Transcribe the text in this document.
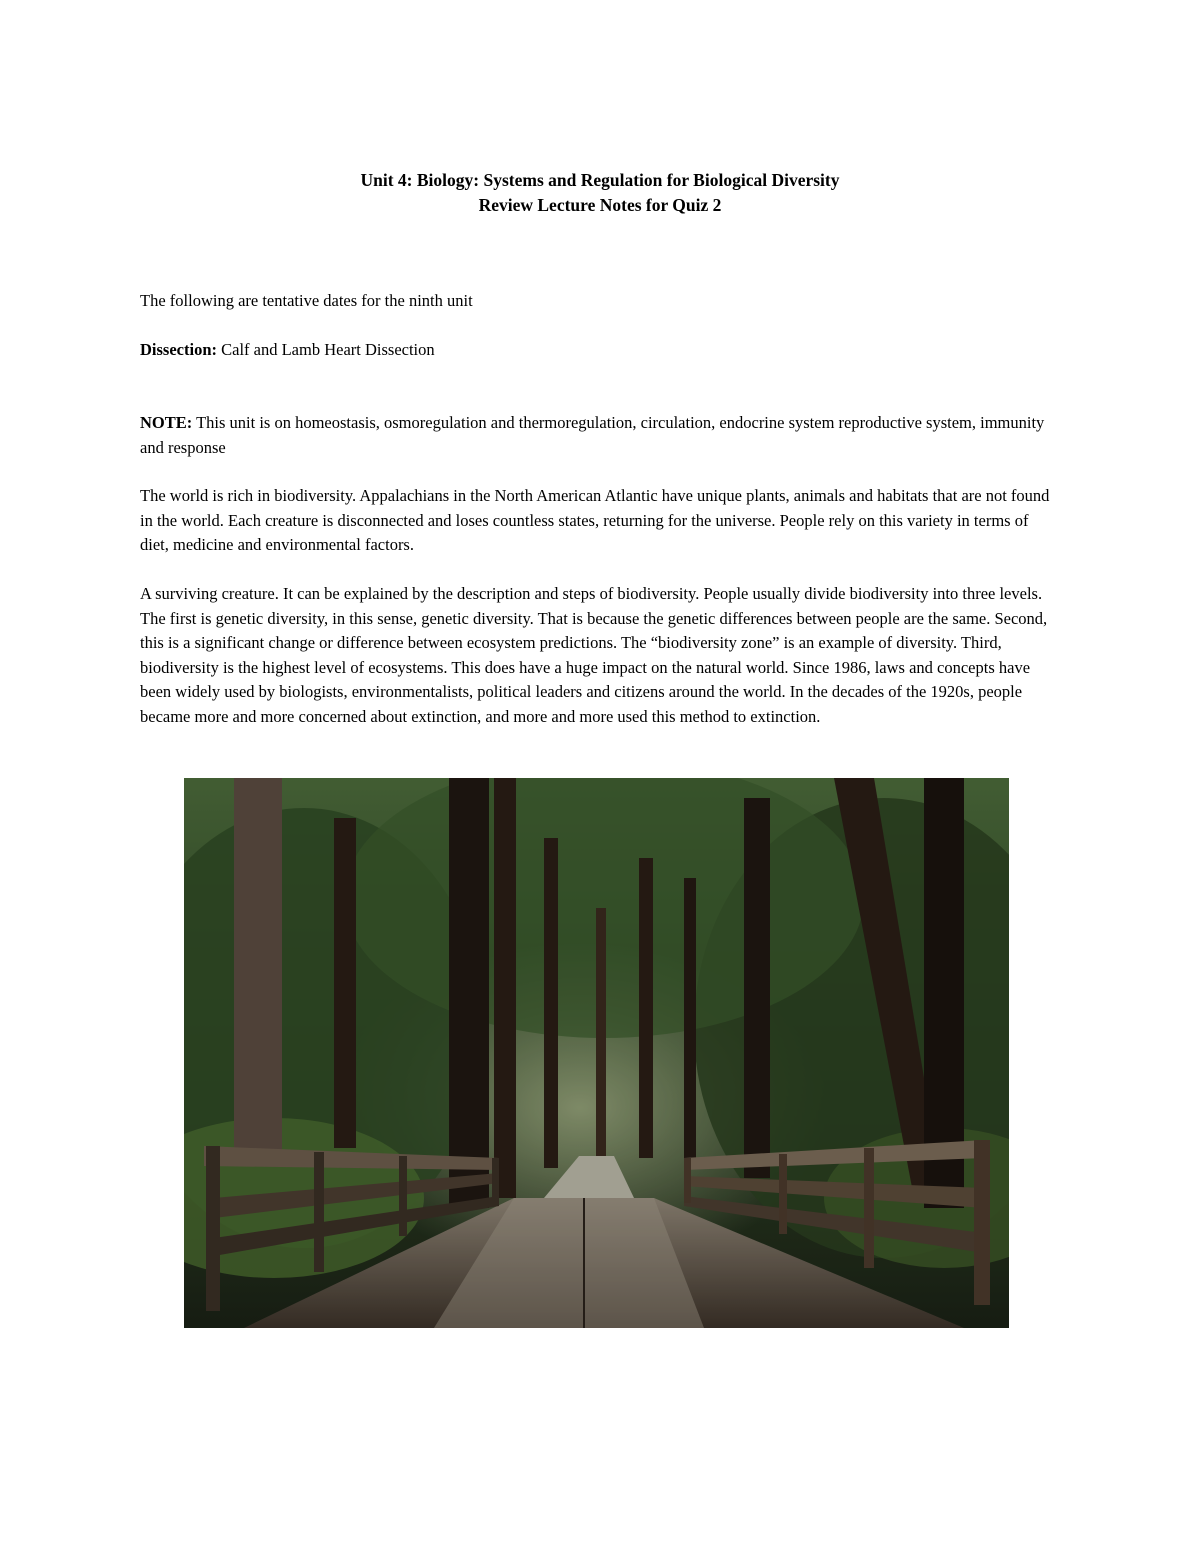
Unit 4: Biology: Systems and Regulation for Biological Diversity
Review Lecture Notes for Quiz 2
The following are tentative dates for the ninth unit
Dissection: Calf and Lamb Heart Dissection
NOTE: This unit is on homeostasis, osmoregulation and thermoregulation, circulation, endocrine system reproductive system, immunity and response
The world is rich in biodiversity. Appalachians in the North American Atlantic have unique plants, animals and habitats that are not found in the world. Each creature is disconnected and loses countless states, returning for the universe. People rely on this variety in terms of diet, medicine and environmental factors.
A surviving creature. It can be explained by the description and steps of biodiversity. People usually divide biodiversity into three levels. The first is genetic diversity, in this sense, genetic diversity. That is because the genetic differences between people are the same. Second, this is a significant change or difference between ecosystem predictions. The “biodiversity zone” is an example of diversity. Third, biodiversity is the highest level of ecosystems. This does have a huge impact on the natural world. Since 1986, laws and concepts have been widely used by biologists, environmentalists, political leaders and citizens around the world. In the decades of the 1920s, people became more and more concerned about extinction, and more and more used this method to extinction.
